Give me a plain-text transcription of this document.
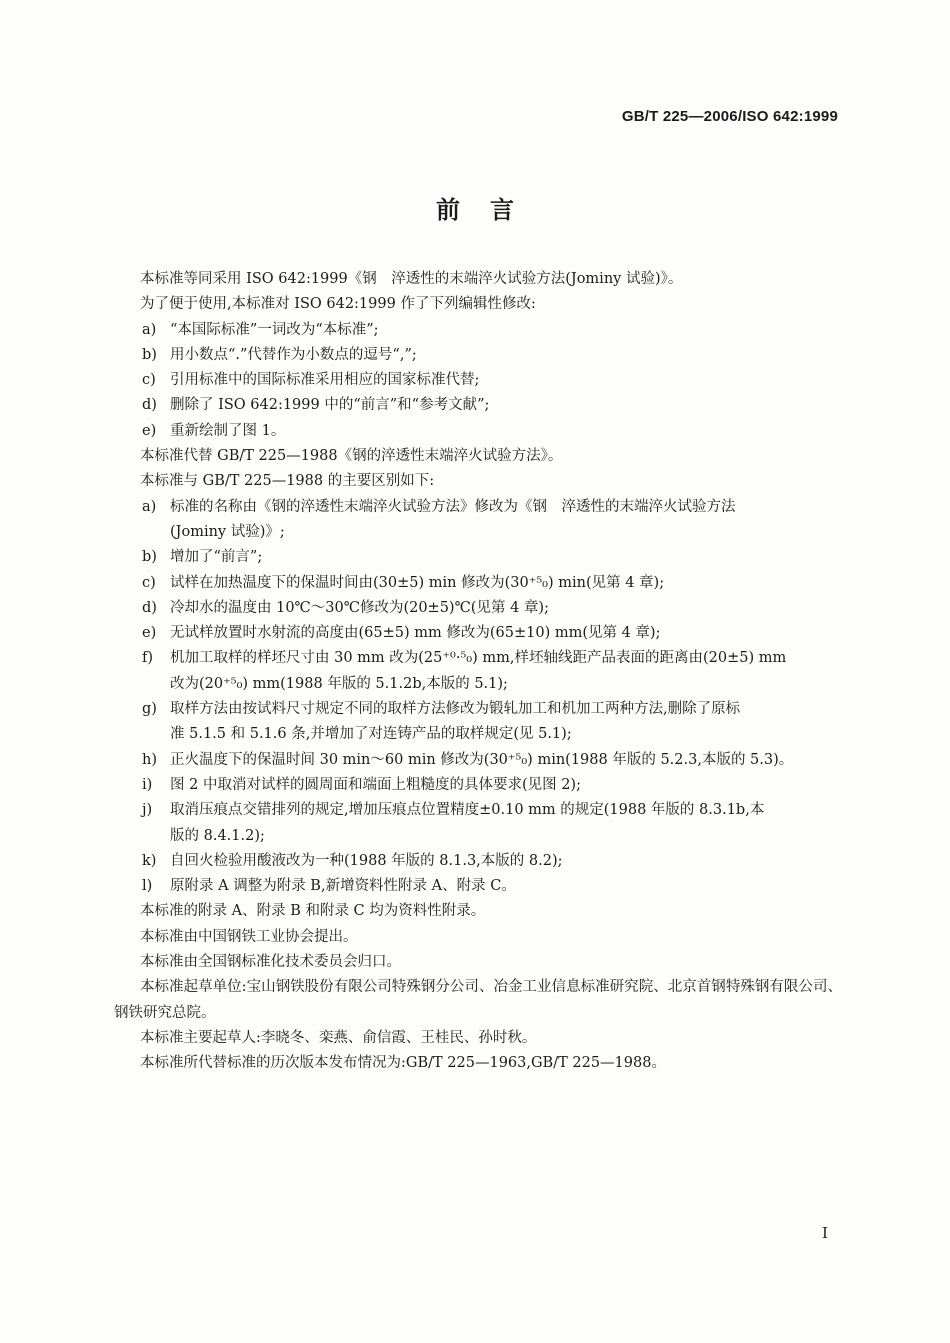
GB/T 225—2006/ISO 642:1999
前言

本标准等同采用 ISO 642:1999《钢　淬透性的末端淬火试验方法(Jominy 试验)》。

为了便于使用,本标准对 ISO 642:1999 作了下列编辑性修改:

a) “本国际标准”一词改为“本标准”;
b) 用小数点“.”代替作为小数点的逗号“,”;
c) 引用标准中的国际标准采用相应的国家标准代替;
d) 删除了 ISO 642:1999 中的“前言”和“参考文献”;
e) 重新绘制了图 1。

本标准代替 GB/T 225—1988《钢的淬透性末端淬火试验方法》。

本标准与 GB/T 225—1988 的主要区别如下:

a) 标准的名称由《钢的淬透性末端淬火试验方法》修改为《钢　淬透性的末端淬火试验方法
(Jominy 试验)》;
b) 增加了“前言”;
c) 试样在加热温度下的保温时间由(30±5) min 修改为(30⁺⁵₀) min(见第 4 章);
d) 冷却水的温度由 10℃～30℃修改为(20±5)℃(见第 4 章);
e) 无试样放置时水射流的高度由(65±5) mm 修改为(65±10) mm(见第 4 章);
f)	机加工取样的样坯尺寸由 30 mm 改为(25⁺⁰·⁵₀) mm,样坯轴线距产品表面的距离由(20±5) mm
改为(20⁺⁵₀) mm(1988 年版的 5.1.2b,本版的 5.1);
g) 取样方法由按试料尺寸规定不同的取样方法修改为锻轧加工和机加工两种方法,删除了原标
准 5.1.5 和 5.1.6 条,并增加了对连铸产品的取样规定(见 5.1);
h) 正火温度下的保温时间 30 min～60 min 修改为(30⁺⁵₀) min(1988 年版的 5.2.3,本版的 5.3)。
i)	图 2 中取消对试样的圆周面和端面上粗糙度的具体要求(见图 2);
j)	取消压痕点交错排列的规定,增加压痕点位置精度±0.10 mm 的规定(1988 年版的 8.3.1b,本
版的 8.4.1.2);
k) 自回火检验用酸液改为一种(1988 年版的 8.1.3,本版的 8.2);
l)	原附录 A 调整为附录 B,新增资料性附录 A、附录 C。

本标准的附录 A、附录 B 和附录 C 均为资料性附录。

本标准由中国钢铁工业协会提出。

本标准由全国钢标准化技术委员会归口。

本标准起草单位:宝山钢铁股份有限公司特殊钢分公司、冶金工业信息标准研究院、北京首钢特殊钢有限公司、钢铁研究总院。

本标准主要起草人:李晓冬、栾燕、俞信霞、王桂民、孙时秋。

本标准所代替标准的历次版本发布情况为:GB/T 225—1963,GB/T 225—1988。

I
